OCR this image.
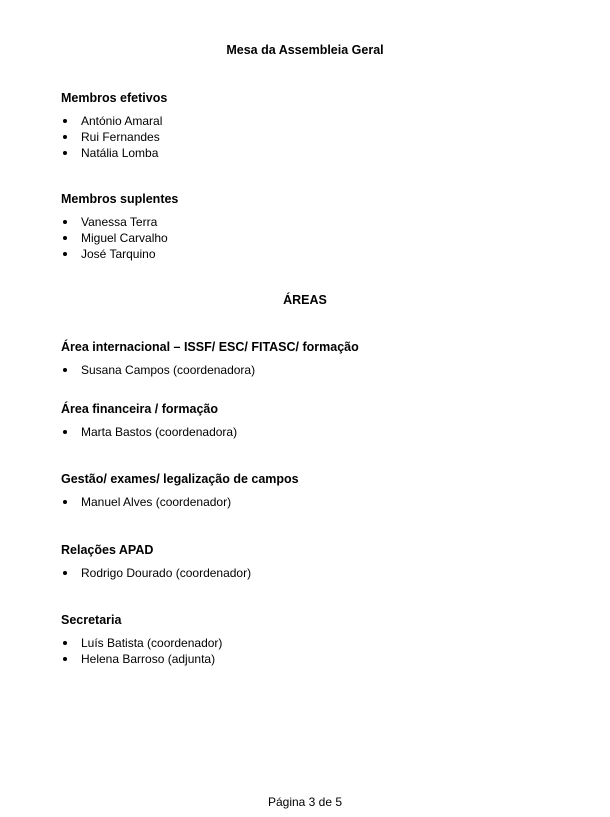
Mesa da Assembleia Geral
Membros efetivos
António Amaral
Rui Fernandes
Natália Lomba
Membros suplentes
Vanessa Terra
Miguel Carvalho
José Tarquino
ÁREAS
Área internacional – ISSF/ ESC/ FITASC/ formação
Susana Campos (coordenadora)
Área financeira / formação
Marta Bastos (coordenadora)
Gestão/ exames/ legalização de campos
Manuel Alves (coordenador)
Relações APAD
Rodrigo Dourado (coordenador)
Secretaria
Luís Batista (coordenador)
Helena Barroso (adjunta)
Página 3 de 5
